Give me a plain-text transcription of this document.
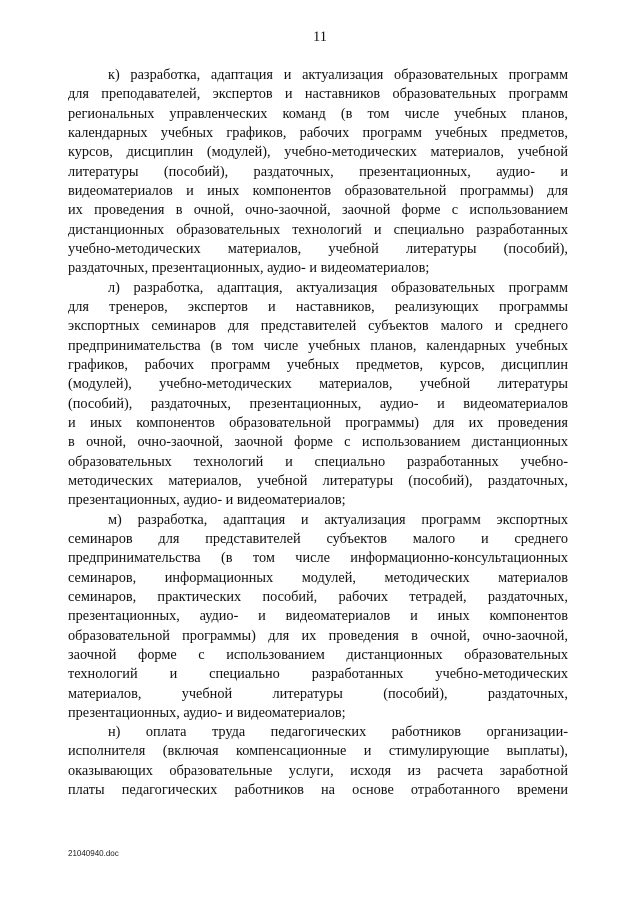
11

к) разработка, адаптация и актуализация образовательных программ
для преподавателей, экспертов и наставников образовательных программ
региональных управленческих команд (в том числе учебных планов,
календарных учебных графиков, рабочих программ учебных предметов,
курсов, дисциплин (модулей), учебно-методических материалов, учебной
литературы (пособий), раздаточных, презентационных, аудио- и
видеоматериалов и иных компонентов образовательной программы) для
их проведения в очной, очно-заочной, заочной форме с использованием
дистанционных образовательных технологий и специально разработанных
учебно-методических материалов, учебной литературы (пособий),
раздаточных, презентационных, аудио- и видеоматериалов;

л) разработка, адаптация, актуализация образовательных программ
для тренеров, экспертов и наставников, реализующих программы
экспортных семинаров для представителей субъектов малого и среднего
предпринимательства (в том числе учебных планов, календарных учебных
графиков, рабочих программ учебных предметов, курсов, дисциплин
(модулей), учебно-методических материалов, учебной литературы
(пособий), раздаточных, презентационных, аудио- и видеоматериалов
и иных компонентов образовательной программы) для их проведения
в очной, очно-заочной, заочной форме с использованием дистанционных
образовательных технологий и специально разработанных учебно-
методических материалов, учебной литературы (пособий), раздаточных,
презентационных, аудио- и видеоматериалов;

м) разработка, адаптация и актуализация программ экспортных
семинаров для представителей субъектов малого и среднего
предпринимательства (в том числе информационно-консультационных
семинаров, информационных модулей, методических материалов
семинаров, практических пособий, рабочих тетрадей, раздаточных,
презентационных, аудио- и видеоматериалов и иных компонентов
образовательной программы) для их проведения в очной, очно-заочной,
заочной форме с использованием дистанционных образовательных
технологий и специально разработанных учебно-методических
материалов, учебной литературы (пособий), раздаточных,
презентационных, аудио- и видеоматериалов;

н) оплата труда педагогических работников организации-
исполнителя (включая компенсационные и стимулирующие выплаты),
оказывающих образовательные услуги, исходя из расчета заработной
платы педагогических работников на основе отработанного времени

21040940.doc
